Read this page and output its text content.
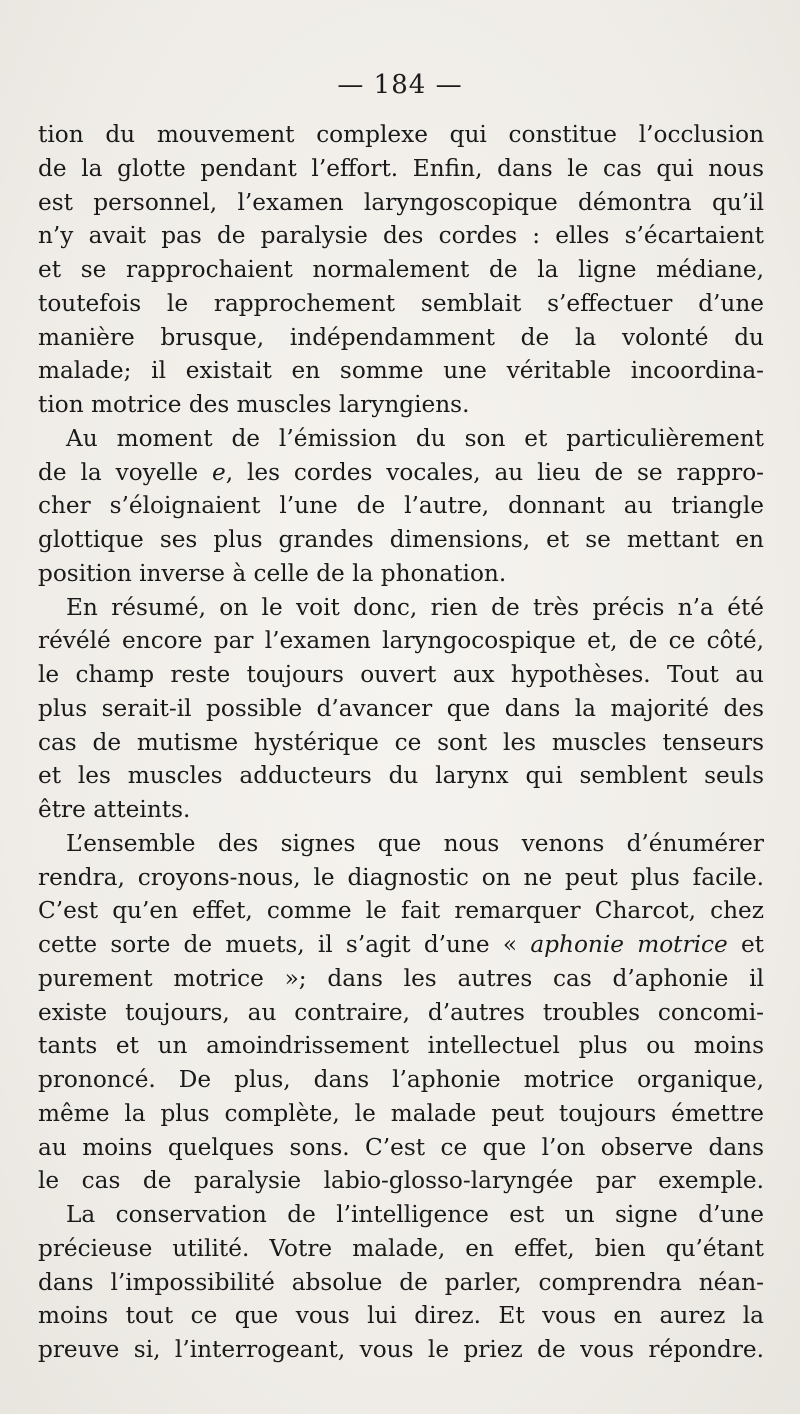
— 184 —
tion du mouvement complexe qui constitue l’occlusion
de la glotte pendant l’effort. Enfin, dans le cas qui nous
est personnel, l’examen laryngoscopique démontra qu’il
n’y avait pas de paralysie des cordes : elles s’écartaient
et se rapprochaient normalement de la ligne médiane,
toutefois le rapprochement semblait s’effectuer d’une
manière brusque, indépendamment de la volonté du
malade; il existait en somme une véritable incoordina-
tion motrice des muscles laryngiens.
Au moment de l’émission du son et particulièrement
de la voyelle e, les cordes vocales, au lieu de se rappro-
cher s’éloignaient l’une de l’autre, donnant au triangle
glottique ses plus grandes dimensions, et se mettant en
position inverse à celle de la phonation.
En résumé, on le voit donc, rien de très précis n’a été
révélé encore par l’examen laryngocospique et, de ce côté,
le champ reste toujours ouvert aux hypothèses. Tout au
plus serait-il possible d’avancer que dans la majorité des
cas de mutisme hystérique ce sont les muscles tenseurs
et les muscles adducteurs du larynx qui semblent seuls
être atteints.
L’ensemble des signes que nous venons d’énumérer
rendra, croyons-nous, le diagnostic on ne peut plus facile.
C’est qu’en effet, comme le fait remarquer Charcot, chez
cette sorte de muets, il s’agit d’une « aphonie motrice et
purement motrice »; dans les autres cas d’aphonie il
existe toujours, au contraire, d’autres troubles concomi-
tants et un amoindrissement intellectuel plus ou moins
prononcé. De plus, dans l’aphonie motrice organique,
même la plus complète, le malade peut toujours émettre
au moins quelques sons. C’est ce que l’on observe dans
le cas de paralysie labio-glosso-laryngée par exemple.
La conservation de l’intelligence est un signe d’une
précieuse utilité. Votre malade, en effet, bien qu’étant
dans l’impossibilité absolue de parler, comprendra néan-
moins tout ce que vous lui direz. Et vous en aurez la
preuve si, l’interrogeant, vous le priez de vous répondre.
